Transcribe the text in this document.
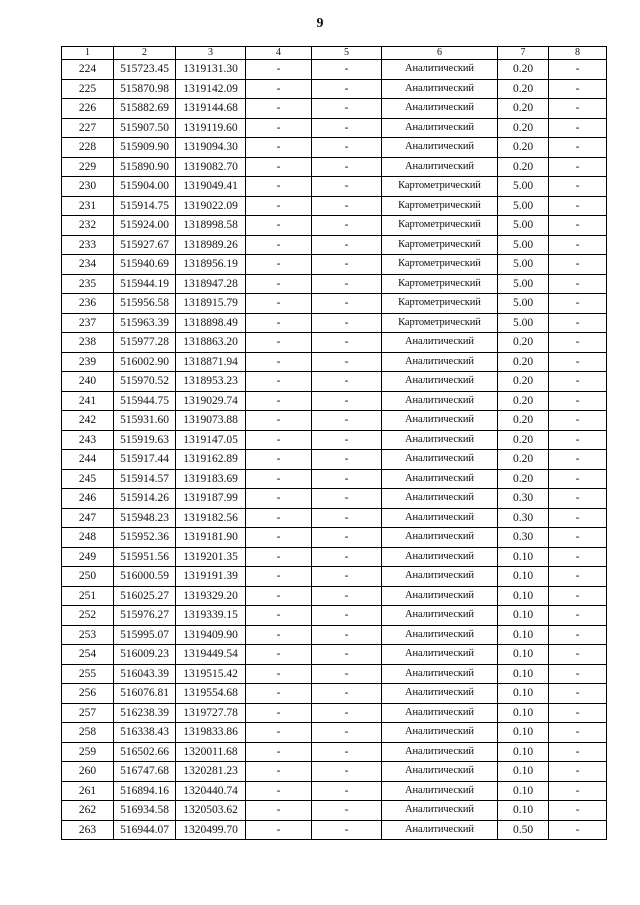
9
1	2	3	4	5	6	7	8
224	515723.45	1319131.30	-	-	Аналитический	0.20	-
225	515870.98	1319142.09	-	-	Аналитический	0.20	-
226	515882.69	1319144.68	-	-	Аналитический	0.20	-
227	515907.50	1319119.60	-	-	Аналитический	0.20	-
228	515909.90	1319094.30	-	-	Аналитический	0.20	-
229	515890.90	1319082.70	-	-	Аналитический	0.20	-
230	515904.00	1319049.41	-	-	Картометрический	5.00	-
231	515914.75	1319022.09	-	-	Картометрический	5.00	-
232	515924.00	1318998.58	-	-	Картометрический	5.00	-
233	515927.67	1318989.26	-	-	Картометрический	5.00	-
234	515940.69	1318956.19	-	-	Картометрический	5.00	-
235	515944.19	1318947.28	-	-	Картометрический	5.00	-
236	515956.58	1318915.79	-	-	Картометрический	5.00	-
237	515963.39	1318898.49	-	-	Картометрический	5.00	-
238	515977.28	1318863.20	-	-	Аналитический	0.20	-
239	516002.90	1318871.94	-	-	Аналитический	0.20	-
240	515970.52	1318953.23	-	-	Аналитический	0.20	-
241	515944.75	1319029.74	-	-	Аналитический	0.20	-
242	515931.60	1319073.88	-	-	Аналитический	0.20	-
243	515919.63	1319147.05	-	-	Аналитический	0.20	-
244	515917.44	1319162.89	-	-	Аналитический	0.20	-
245	515914.57	1319183.69	-	-	Аналитический	0.20	-
246	515914.26	1319187.99	-	-	Аналитический	0.30	-
247	515948.23	1319182.56	-	-	Аналитический	0.30	-
248	515952.36	1319181.90	-	-	Аналитический	0.30	-
249	515951.56	1319201.35	-	-	Аналитический	0.10	-
250	516000.59	1319191.39	-	-	Аналитический	0.10	-
251	516025.27	1319329.20	-	-	Аналитический	0.10	-
252	515976.27	1319339.15	-	-	Аналитический	0.10	-
253	515995.07	1319409.90	-	-	Аналитический	0.10	-
254	516009.23	1319449.54	-	-	Аналитический	0.10	-
255	516043.39	1319515.42	-	-	Аналитический	0.10	-
256	516076.81	1319554.68	-	-	Аналитический	0.10	-
257	516238.39	1319727.78	-	-	Аналитический	0.10	-
258	516338.43	1319833.86	-	-	Аналитический	0.10	-
259	516502.66	1320011.68	-	-	Аналитический	0.10	-
260	516747.68	1320281.23	-	-	Аналитический	0.10	-
261	516894.16	1320440.74	-	-	Аналитический	0.10	-
262	516934.58	1320503.62	-	-	Аналитический	0.10	-
263	516944.07	1320499.70	-	-	Аналитический	0.50	-
